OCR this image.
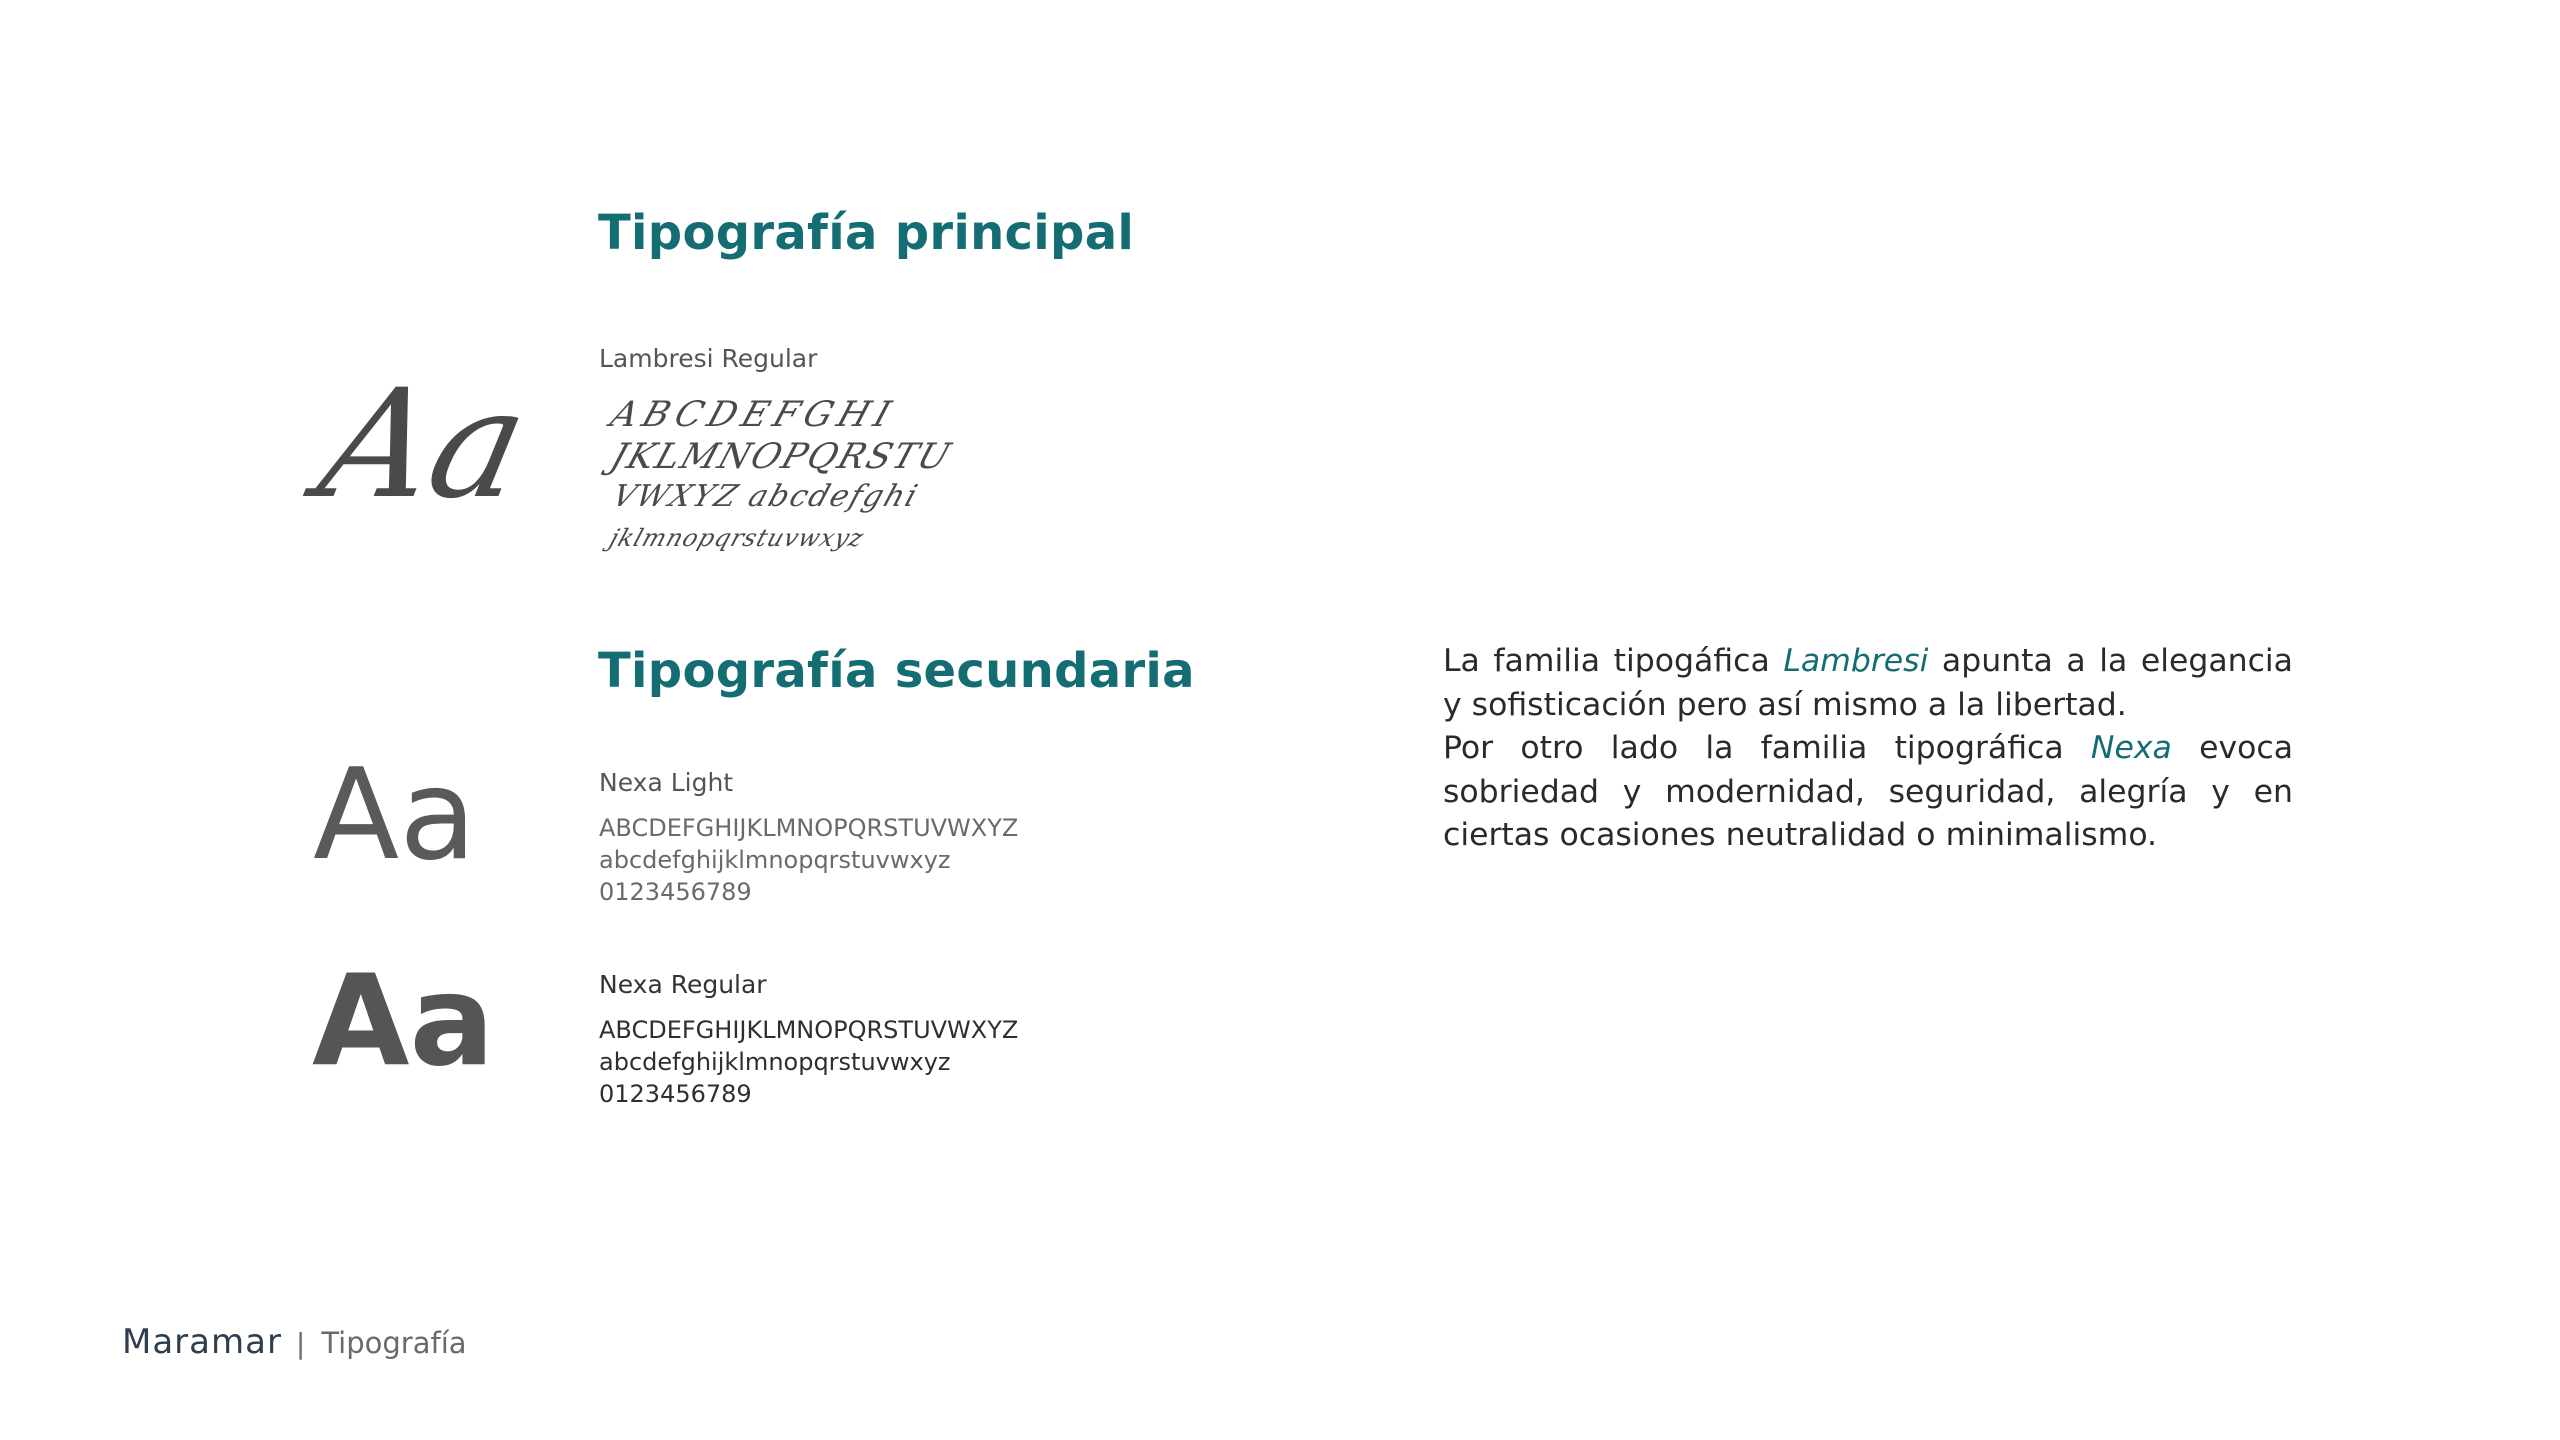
Tipografía principal
Lambresi Regular
Aa ABCDEFGHI
JKLMNOPQRSTU
VWXYZ abcdefghi
jklmnopqrstuvwxyz
Tipografía secundaria
Aa	Nexa Light
ABCDEFGHIJKLMNOPQRSTUVWXYZ
abcdefghijklmnopqrstuvwxyz
0123456789
Aa	Nexa Regular
ABCDEFGHIJKLMNOPQRSTUVWXYZ
abcdefghijklmnopqrstuvwxyz
0123456789
La familia tipogáfica Lambresi apunta a la elegancia y sofisticación pero así mismo a la libertad.
Por otro lado la familia tipográfica Nexa evoca sobriedad y modernidad, seguridad, alegría y en ciertas ocasiones neutralidad o minimalismo.
Maramar | Tipografía
